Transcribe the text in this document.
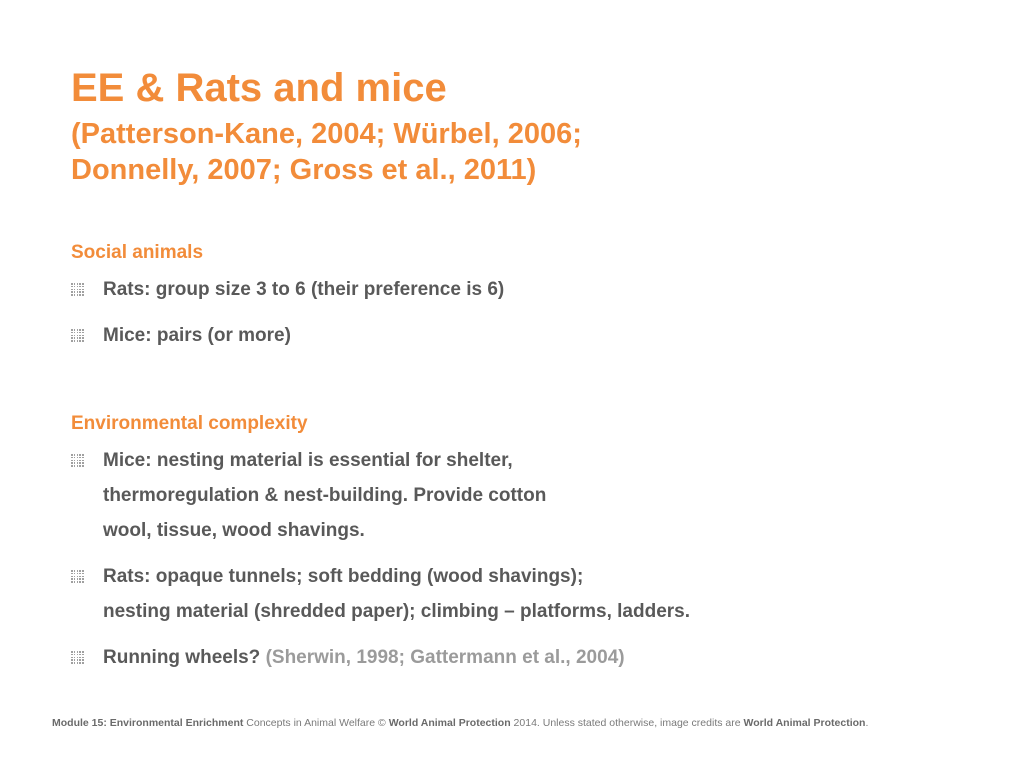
EE & Rats and mice
(Patterson-Kane, 2004; Würbel, 2006;
Donnelly, 2007; Gross et al., 2011)
Social animals
Rats: group size 3 to 6 (their preference is 6)
Mice: pairs (or more)
Environmental complexity
Mice: nesting material is essential for shelter,
thermoregulation & nest-building. Provide cotton
wool, tissue, wood shavings.
Rats: opaque tunnels; soft bedding (wood shavings);
nesting material (shredded paper); climbing – platforms, ladders.
Running wheels? (Sherwin, 1998; Gattermann et al., 2004)
Module 15: Environmental Enrichment Concepts in Animal Welfare © World Animal Protection 2014. Unless stated otherwise, image credits are World Animal Protection.
